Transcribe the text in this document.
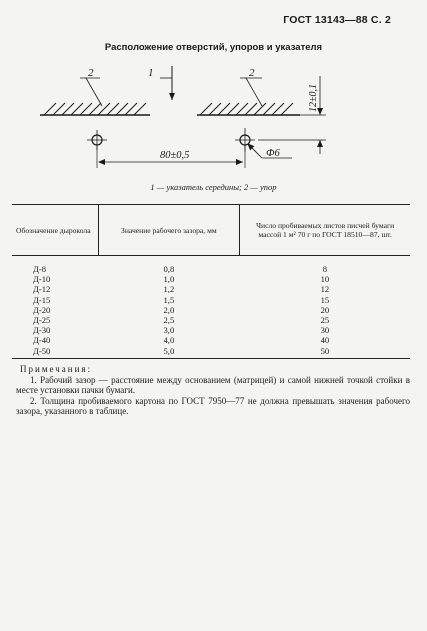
ГОСТ 13143—88 С. 2
Расположение отверстий, упоров и указателя
2	2
1
80±0,5	Ф6
12±0,1
1 — указатель середины; 2 — упор
Обозначение дырокола	Значение рабочего зазора, мм	Число пробиваемых листов писчей бумаги массой 1 м² 70 г по ГОСТ 18510—87, шт.
Д-8	0,8	8
Д-10	1,0	10
Д-12	1,2	12
Д-15	1,5	15
Д-20	2,0	20
Д-25	2,5	25
Д-30	3,0	30
Д-40	4,0	40
Д-50	5,0	50
Примечания:

1. Рабочий зазор — расстояние между основанием (матрицей) и самой нижней точкой стойки в месте установки пачки бумаги.

2. Толщина пробиваемого картона по ГОСТ 7950—77 не должна превышать значения рабочего зазора, указанного в таблице.
